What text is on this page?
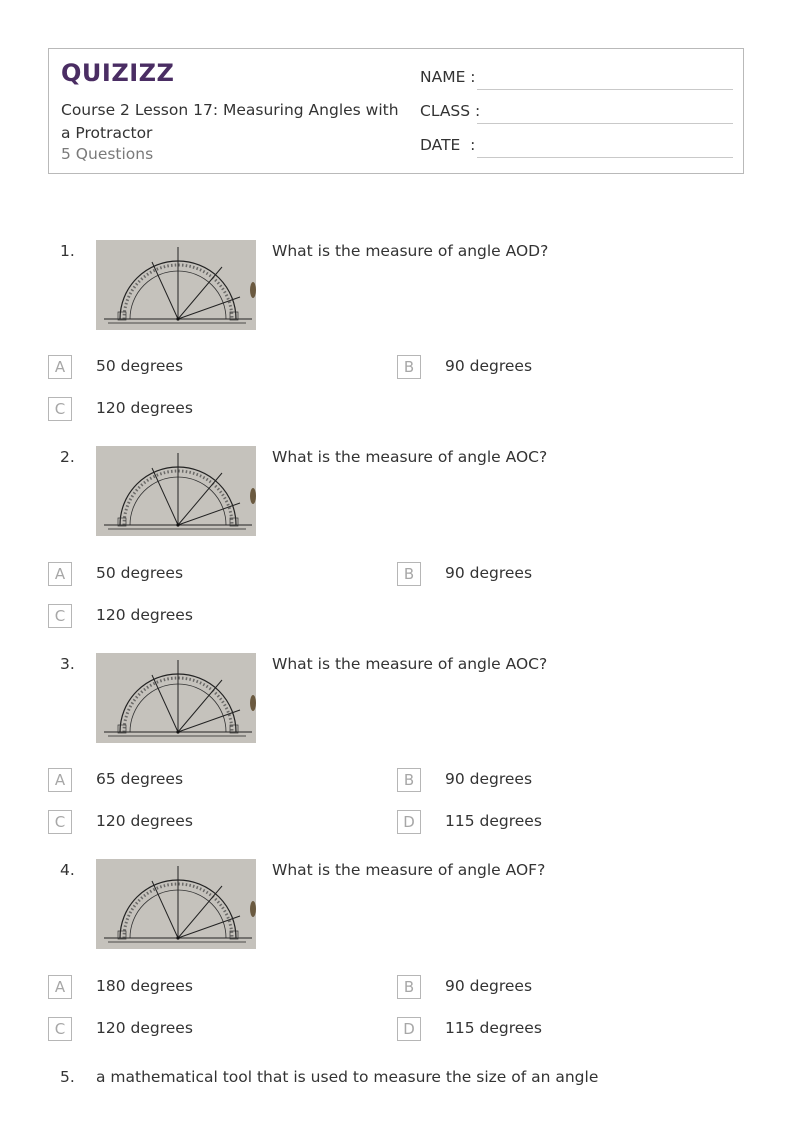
QUIZIZZ
Course 2 Lesson 17: Measuring Angles with a Protractor
5 Questions
NAME :
CLASS :
DATE  :
1.	What is the measure of angle AOD?
A	50 degrees	B	90 degrees
C	120 degrees
2.	What is the measure of angle AOC?
A	50 degrees	B	90 degrees
C	120 degrees
3.	What is the measure of angle AOC?
A	65 degrees	B	90 degrees
C	120 degrees	D	115 degrees
4.	What is the measure of angle AOF?
A	180 degrees	B	90 degrees
C	120 degrees	D	115 degrees
5. a mathematical tool that is used to measure the size of an angle
